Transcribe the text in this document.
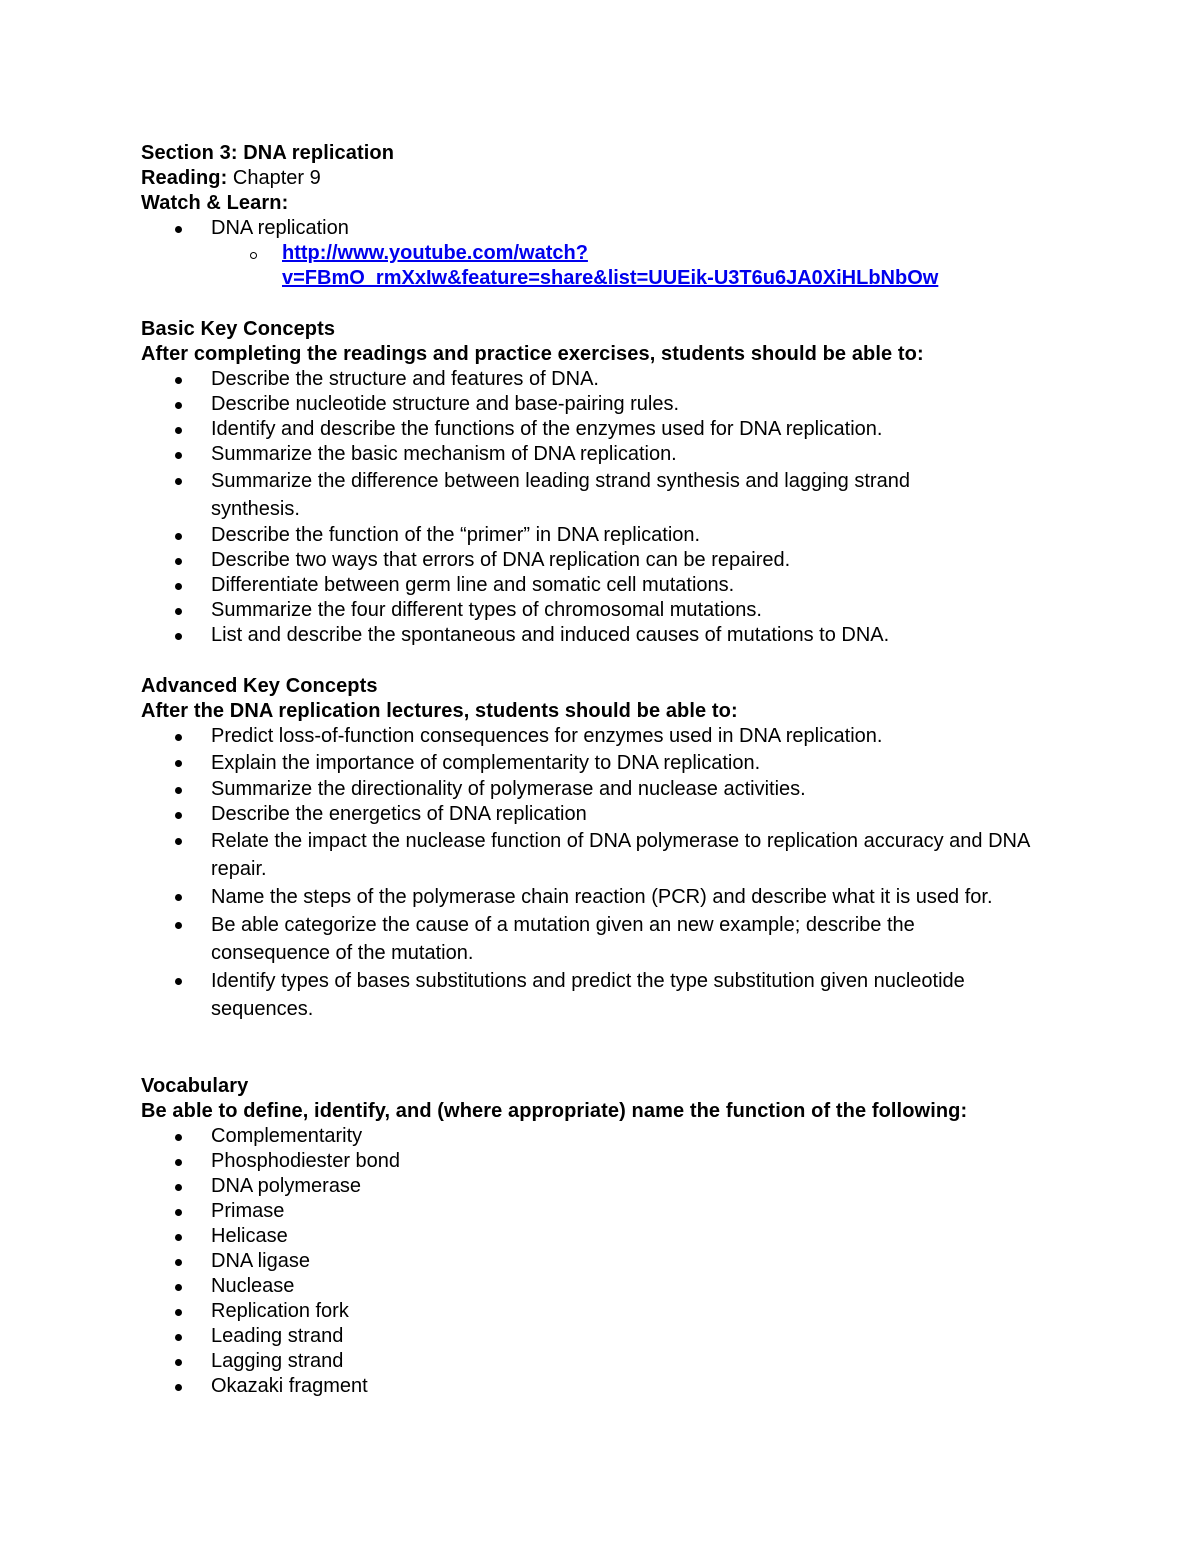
Section 3: DNA replication
Reading: Chapter 9
Watch & Learn:
DNA replication
http://www.youtube.com/watch?
v=FBmO_rmXxIw&feature=share&list=UUEik-U3T6u6JA0XiHLbNbOw
Basic Key Concepts
After completing the readings and practice exercises, students should be able to:
Describe the structure and features of DNA.
Describe nucleotide structure and base-pairing rules.
Identify and describe the functions of the enzymes used for DNA replication.
Summarize the basic mechanism of DNA replication.
Summarize the difference between leading strand synthesis and lagging strand synthesis.
Describe the function of the “primer” in DNA replication.
Describe two ways that errors of DNA replication can be repaired.
Differentiate between germ line and somatic cell mutations.
Summarize the four different types of chromosomal mutations.
List and describe the spontaneous and induced causes of mutations to DNA.
Advanced Key Concepts
After the DNA replication lectures, students should be able to:
Predict loss-of-function consequences for enzymes used in DNA replication.
Explain the importance of complementarity to DNA replication.
Summarize the directionality of polymerase and nuclease activities.
Describe the energetics of DNA replication
Relate the impact the nuclease function of DNA polymerase to replication accuracy and DNA repair.
Name the steps of the polymerase chain reaction (PCR) and describe what it is used for.
Be able categorize the cause of a mutation given an new example; describe the consequence of the mutation.
Identify types of bases substitutions and predict the type substitution given nucleotide sequences.
Vocabulary
Be able to define, identify, and (where appropriate) name the function of the following:
Complementarity
Phosphodiester bond
DNA polymerase
Primase
Helicase
DNA ligase
Nuclease
Replication fork
Leading strand
Lagging strand
Okazaki fragment
